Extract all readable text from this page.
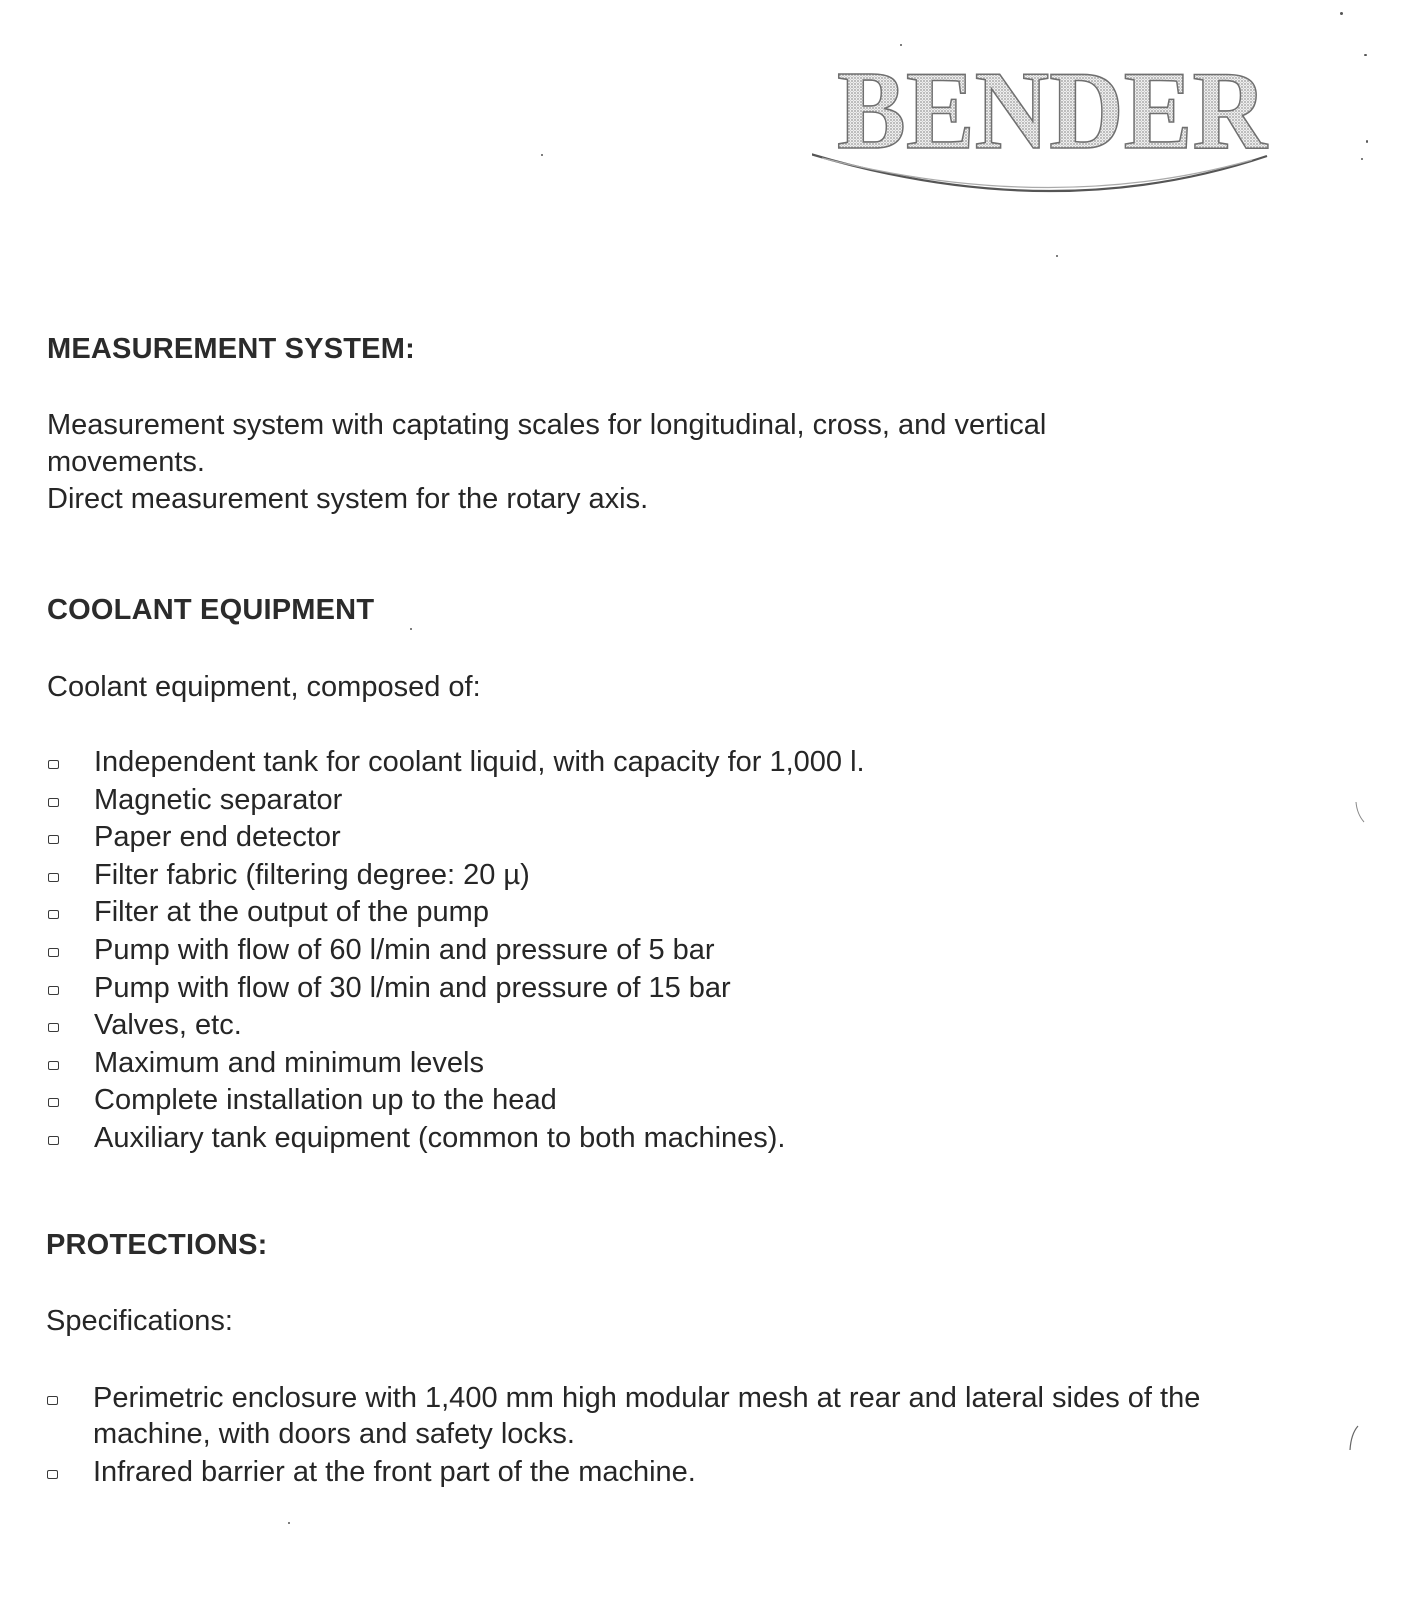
BENDER
MEASUREMENT SYSTEM:

Measurement system with captating scales for longitudinal, cross, and vertical

movements.

Direct measurement system for the rotary axis.

COOLANT EQUIPMENT

Coolant equipment, composed of:

Independent tank for coolant liquid, with capacity for 1,000 l.
Magnetic separator
Paper end detector
Filter fabric (filtering degree: 20 µ)
Filter at the output of the pump
Pump with flow of 60 l/min and pressure of 5 bar
Pump with flow of 30 l/min and pressure of 15 bar
Valves, etc.
Maximum and minimum levels
Complete installation up to the head
Auxiliary tank equipment (common to both machines).
PROTECTIONS:

Specifications:

Perimetric enclosure with 1,400 mm high modular mesh at rear and lateral sides of the
machine, with doors and safety locks.
Infrared barrier at the front part of the machine.
